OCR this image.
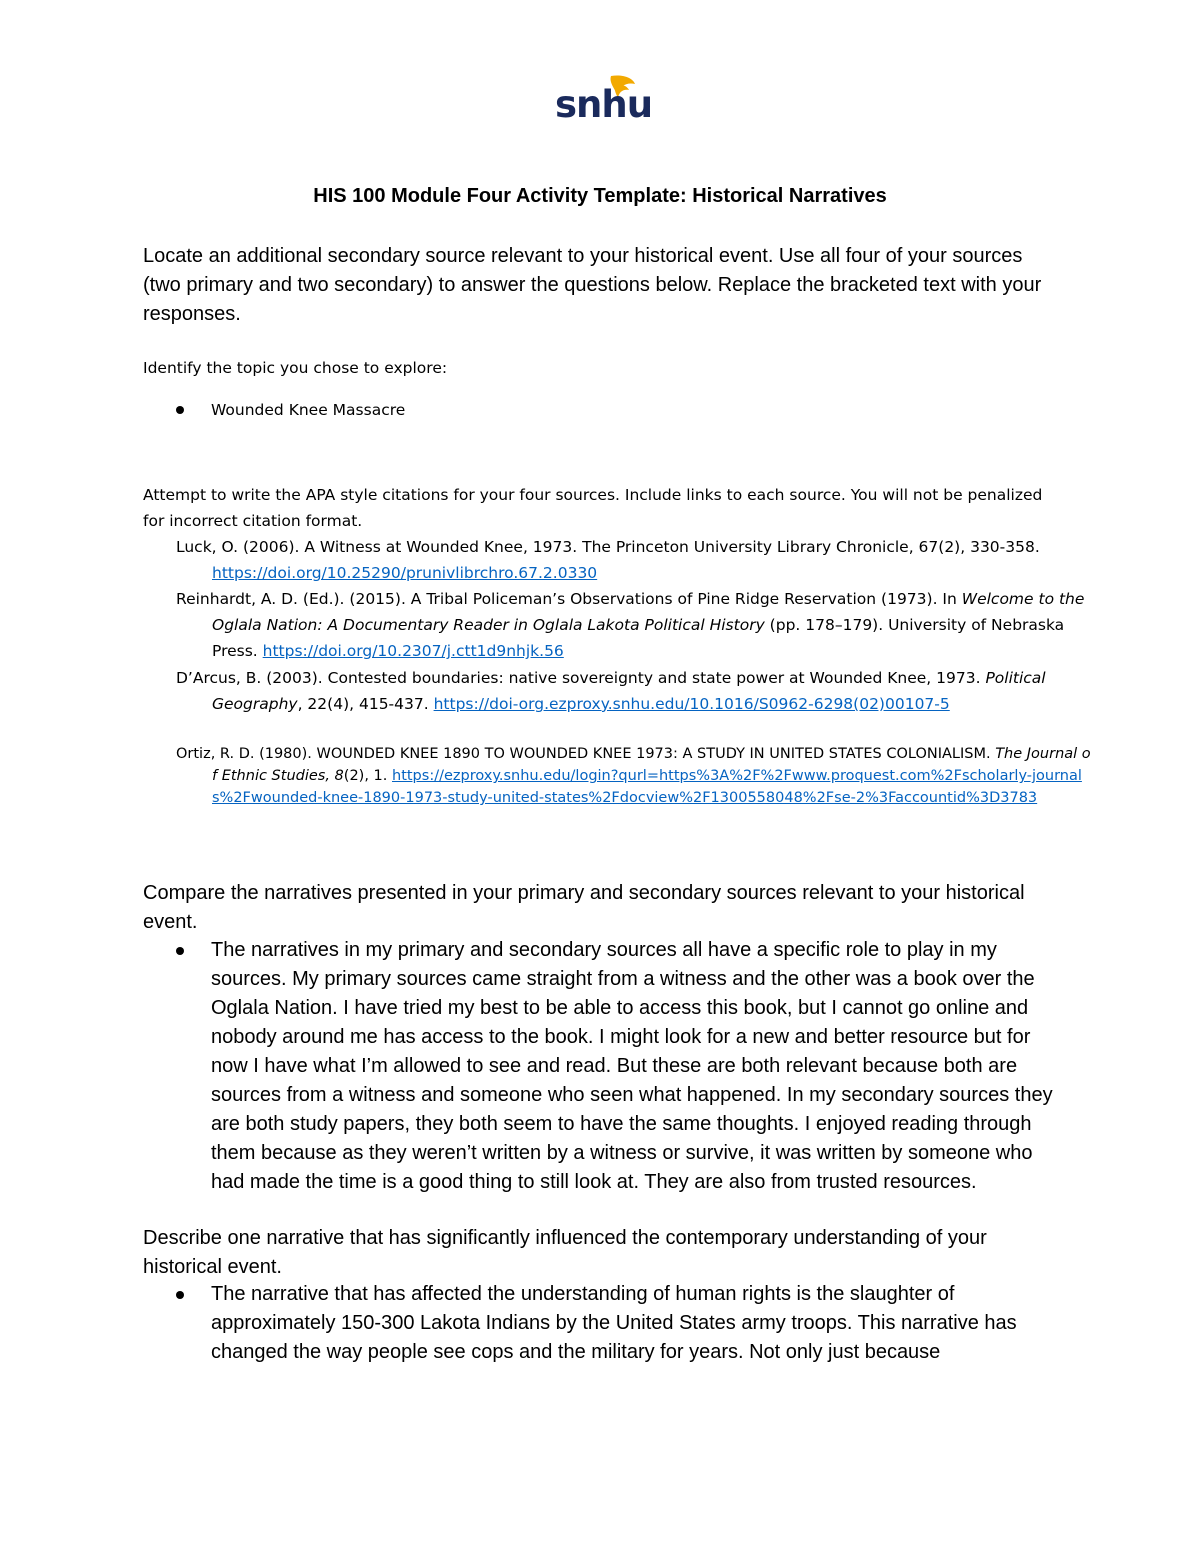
snhu
HIS 100 Module Four Activity Template: Historical Narratives

Locate an additional secondary source relevant to your historical event. Use all four of your sources (two primary and two secondary) to answer the questions below. Replace the bracketed text with your responses.

Identify the topic you chose to explore:

Wounded Knee Massacre

Attempt to write the APA style citations for your four sources. Include links to each source. You will not be penalized for incorrect citation format.

Luck, O. (2006). A Witness at Wounded Knee, 1973. The Princeton University Library Chronicle, 67(2), 330-358. https://doi.org/10.25290/prunivlibrchro.67.2.0330

Reinhardt, A. D. (Ed.). (2015). A Tribal Policeman’s Observations of Pine Ridge Reservation (1973). In Welcome to the Oglala Nation: A Documentary Reader in Oglala Lakota Political History (pp. 178–179). University of Nebraska Press. https://doi.org/10.2307/j.ctt1d9nhjk.56

D’Arcus, B. (2003). Contested boundaries: native sovereignty and state power at Wounded Knee, 1973. Political Geography, 22(4), 415-437. https://doi-org.ezproxy.snhu.edu/10.1016/S0962-6298(02)00107-5

Ortiz, R. D. (1980). WOUNDED KNEE 1890 TO WOUNDED KNEE 1973: A STUDY IN UNITED STATES COLONIALISM. The Journal of Ethnic Studies, 8(2), 1. https://ezproxy.snhu.edu/login?qurl=https%3A%2F%2Fwww.proquest.com%2Fscholarly-journals%2Fwounded-knee-1890-1973-study-united-states%2Fdocview%2F1300558048%2Fse-2%3Faccountid%3D3783

Compare the narratives presented in your primary and secondary sources relevant to your historical event.

The narratives in my primary and secondary sources all have a specific role to play in my sources. My primary sources came straight from a witness and the other was a book over the Oglala Nation. I have tried my best to be able to access this book, but I cannot go online and nobody around me has access to the book. I might look for a new and better resource but for now I have what I’m allowed to see and read. But these are both relevant because both are sources from a witness and someone who seen what happened. In my secondary sources they are both study papers, they both seem to have the same thoughts. I enjoyed reading through them because as they weren’t written by a witness or survive, it was written by someone who had made the time is a good thing to still look at. They are also from trusted resources.

Describe one narrative that has significantly influenced the contemporary understanding of your historical event.

The narrative that has affected the understanding of human rights is the slaughter of approximately 150-300 Lakota Indians by the United States army troops. This narrative has changed the way people see cops and the military for years. Not only just because
